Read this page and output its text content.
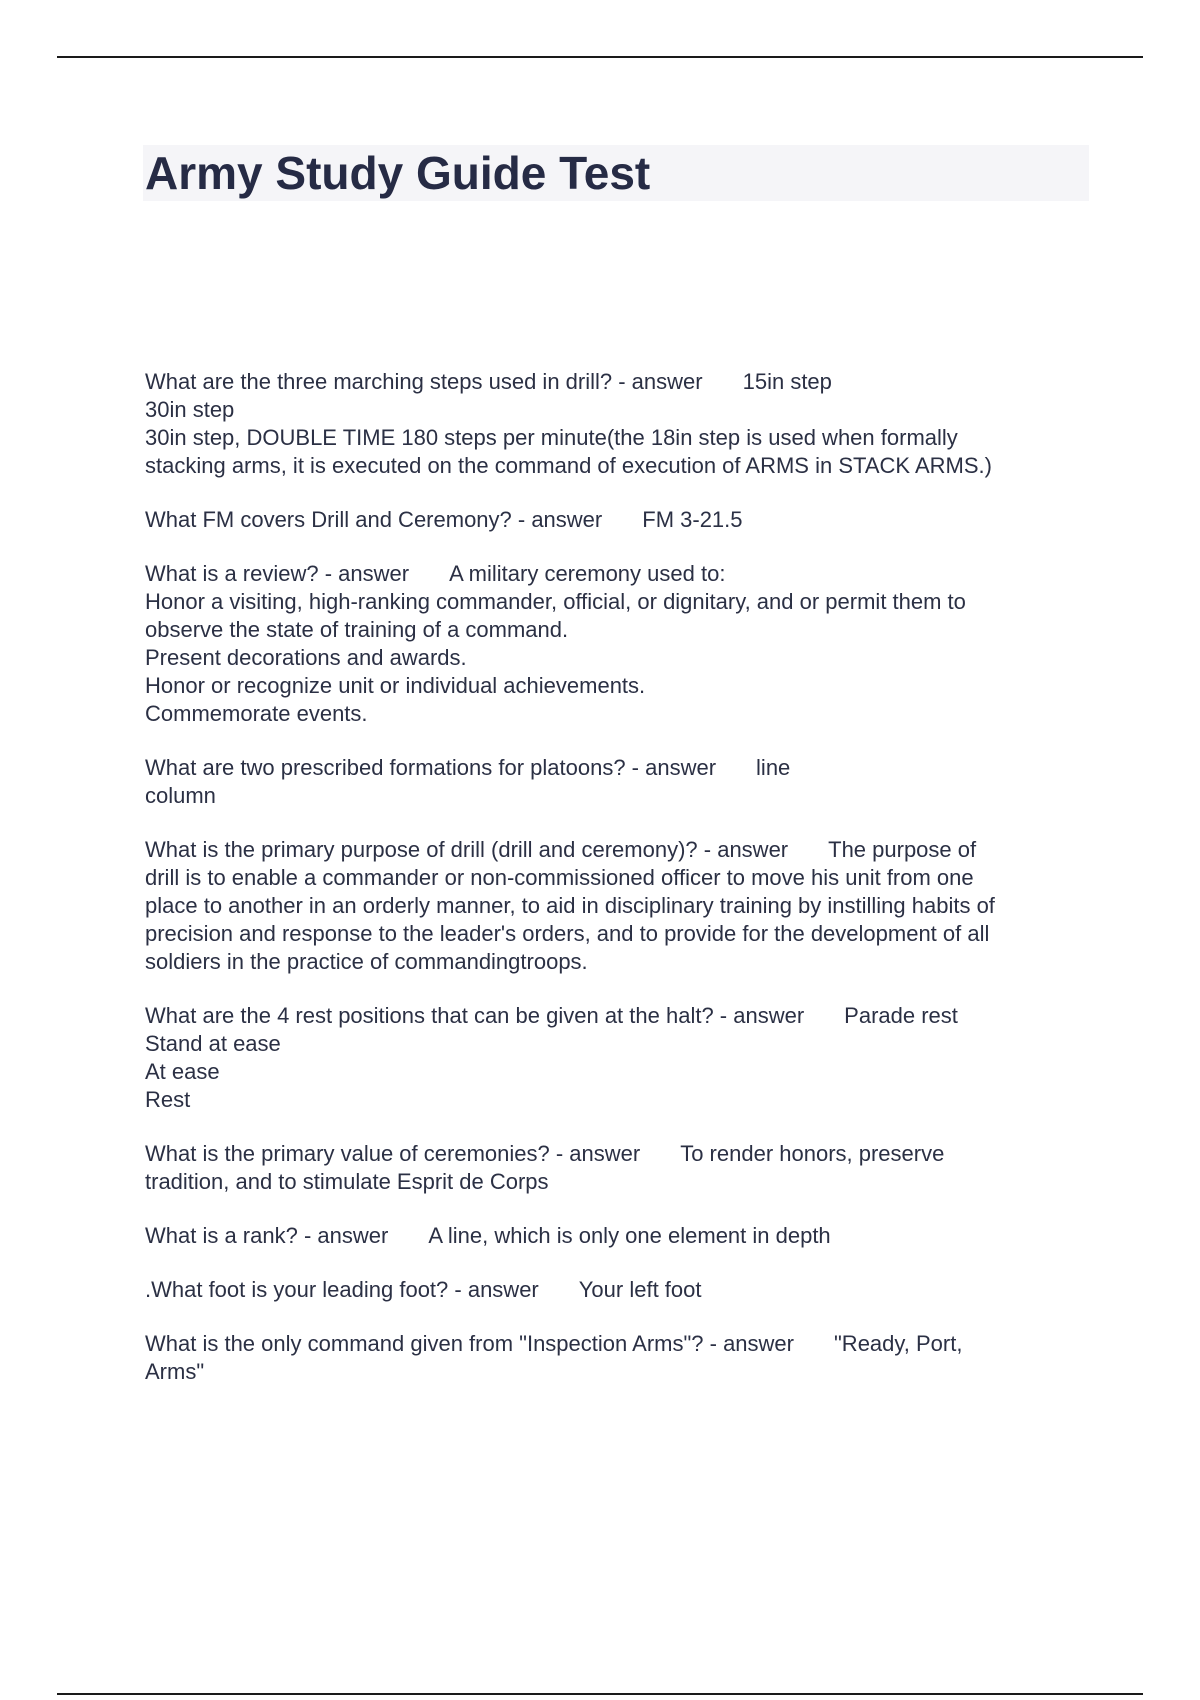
Army Study Guide Test
What are the three marching steps used in drill? - answer 15in step
30in step
30in step, DOUBLE TIME 180 steps per minute(the 18in step is used when formally
stacking arms, it is executed on the command of execution of ARMS in STACK ARMS.)
What FM covers Drill and Ceremony? - answer FM 3-21.5
What is a review? - answer A military ceremony used to:
Honor a visiting, high-ranking commander, official, or dignitary, and or permit them to
observe the state of training of a command.
Present decorations and awards.
Honor or recognize unit or individual achievements.
Commemorate events.
What are two prescribed formations for platoons? - answer line
column
What is the primary purpose of drill (drill and ceremony)? - answer The purpose of
drill is to enable a commander or non-commissioned officer to move his unit from one
place to another in an orderly manner, to aid in disciplinary training by instilling habits of
precision and response to the leader's orders, and to provide for the development of all
soldiers in the practice of commandingtroops.
What are the 4 rest positions that can be given at the halt? - answer Parade rest
Stand at ease
At ease
Rest
What is the primary value of ceremonies? - answer To render honors, preserve
tradition, and to stimulate Esprit de Corps
What is a rank? - answer A line, which is only one element in depth
.What foot is your leading foot? - answer Your left foot
What is the only command given from "Inspection Arms"? - answer "Ready, Port,
Arms"
